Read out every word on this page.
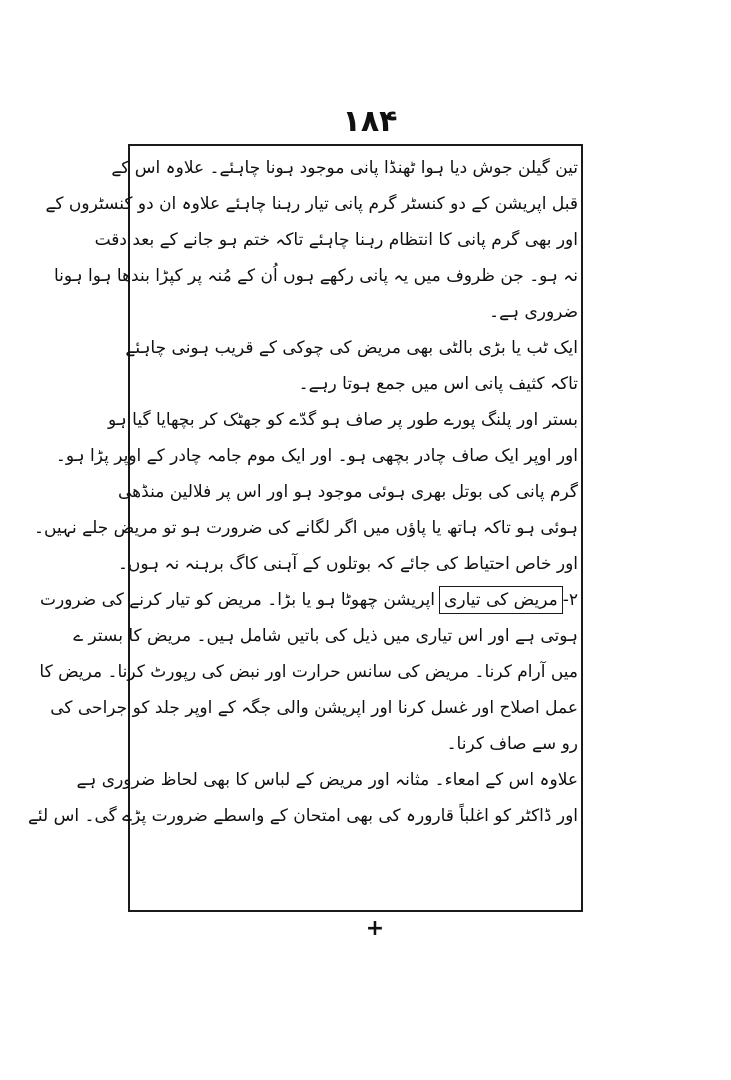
۱۸۴
تین گیلن جوش دیا ہوا ٹھنڈا پانی موجود ہونا چاہئے۔ علاوہ اس کے
قبل اپریشن کے دو کنسٹر گرم پانی تیار رہنا چاہئے علاوہ ان دو کنسٹروں کے
اور بھی گرم پانی کا انتظام رہنا چاہئے تاکہ ختم ہو جانے کے بعد دقت
نہ ہو۔ جن ظروف میں یہ پانی رکھے ہوں اُن کے مُنہ پر کپڑا بندھا ہوا ہونا
ضروری ہے۔
ایک ٹب یا بڑی بالٹی بھی مریض کی چوکی کے قریب ہونی چاہئے
تاکہ کثیف پانی اس میں جمع ہوتا رہے۔
بستر اور پلنگ پورے طور پر صاف ہو گدّے کو جھٹک کر بچھایا گیا ہو
اور اوپر ایک صاف چادر بچھی ہو۔ اور ایک موم جامہ چادر کے اوپر پڑا ہو۔
گرم پانی کی بوتل بھری ہوئی موجود ہو اور اس پر فلالین منڈھی
ہوئی ہو تاکہ ہاتھ یا پاؤں میں اگر لگانے کی ضرورت ہو تو مریض جلے نہیں۔
اور خاص احتیاط کی جائے کہ بوتلوں کے آہنی کاگ برہنہ نہ ہوں۔
۲-مریض کی تیاریاپریشن چھوٹا ہو یا بڑا۔ مریض کو تیار کرنے کی ضرورت
ہوتی ہے اور اس تیاری میں ذیل کی باتیں شامل ہیں۔ مریض کا بستر ے
میں آرام کرنا۔ مریض کی سانس حرارت اور نبض کی رپورٹ کرنا۔ مریض کا
عمل اصلاح اور غسل کرنا اور اپریشن والی جگہ کے اوپر جلد کو جراحی کی
رو سے صاف کرنا۔
علاوہ اس کے امعاء۔ مثانہ اور مریض کے لباس کا بھی لحاظ ضروری ہے
اور ڈاکٹر کو اغلباً قارورہ کی بھی امتحان کے واسطے ضرورت پڑے گی۔ اس لئے
+
